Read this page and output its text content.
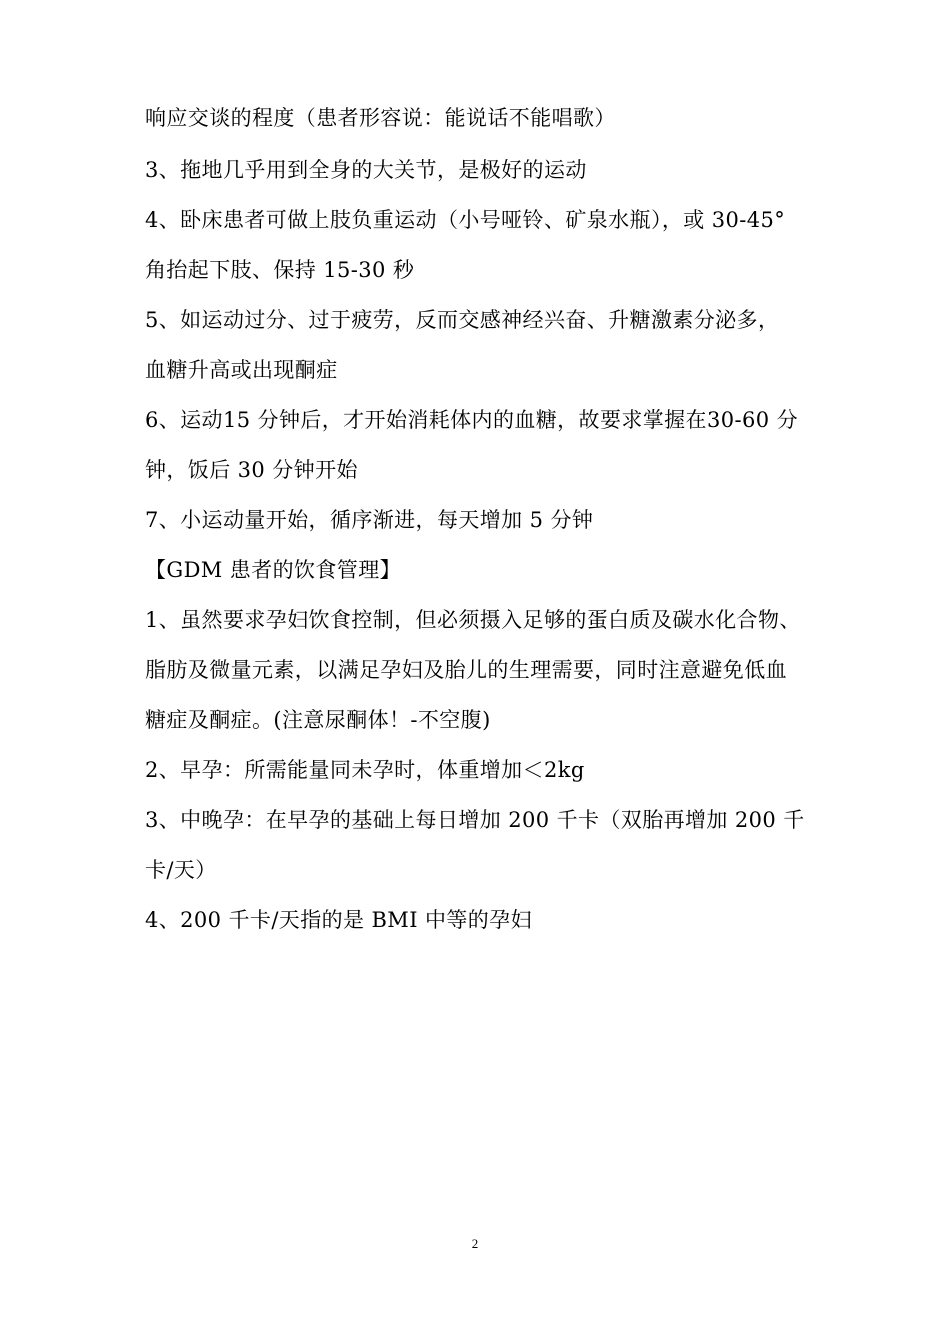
响应交谈的程度（患者形容说：能说话不能唱歌）
3、拖地几乎用到全身的大关节，是极好的运动
4、卧床患者可做上肢负重运动（小号哑铃、矿泉水瓶），或 30-45°
角抬起下肢、保持 15-30 秒
5、如运动过分、过于疲劳，反而交感神经兴奋、升糖激素分泌多，
血糖升高或出现酮症
6、运动15 分钟后，才开始消耗体内的血糖，故要求掌握在30-60 分
钟，饭后 30 分钟开始
7、小运动量开始，循序渐进，每天增加 5 分钟
【GDM 患者的饮食管理】
1、虽然要求孕妇饮食控制，但必须摄入足够的蛋白质及碳水化合物、
脂肪及微量元素，以满足孕妇及胎儿的生理需要，同时注意避免低血
糖症及酮症。(注意尿酮体！-不空腹)
2、早孕：所需能量同未孕时，体重增加＜2kg
3、中晚孕：在早孕的基础上每日增加 200 千卡（双胎再增加 200 千
卡/天）
4、200 千卡/天指的是 BMI 中等的孕妇
2
